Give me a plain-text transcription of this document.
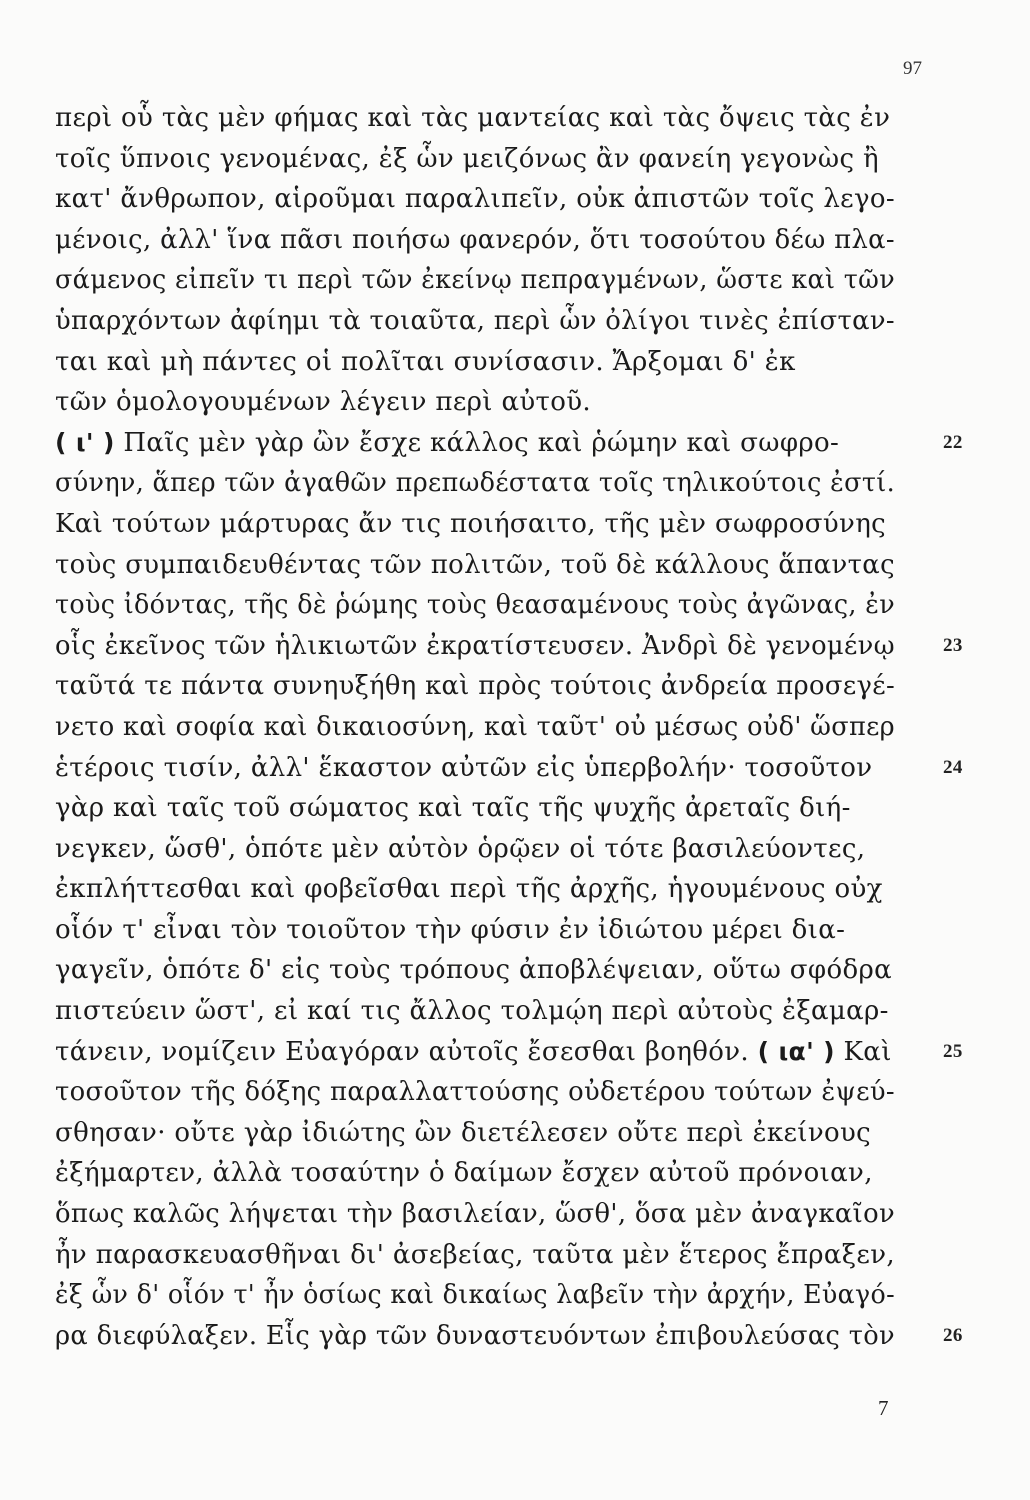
97
περὶ οὗ τὰς μὲν φήμας καὶ τὰς μαντείας καὶ τὰς ὄψεις τὰς ἐν
τοῖς ὕπνοις γενομένας, ἐξ ὧν μειζόνως ἂν φανείη γεγονὼς ἢ
κατ' ἄνθρωπον, αἱροῦμαι παραλιπεῖν, οὐκ ἀπιστῶν τοῖς λεγο-
μένοις, ἀλλ' ἵνα πᾶσι ποιήσω φανερόν, ὅτι τοσούτου δέω πλα-
σάμενος εἰπεῖν τι περὶ τῶν ἐκείνῳ πεπραγμένων, ὥστε καὶ τῶν
ὑπαρχόντων ἀφίημι τὰ τοιαῦτα, περὶ ὧν ὀλίγοι τινὲς ἐπίσταν-
ται καὶ μὴ πάντες οἱ πολῖται συνίσασιν. Ἄρξομαι δ' ἐκ
τῶν ὁμολογουμένων λέγειν περὶ αὐτοῦ.
( ι' ) Παῖς μὲν γὰρ ὢν ἔσχε κάλλος καὶ ῥώμην καὶ σωφρο-	22
σύνην, ἅπερ τῶν ἀγαθῶν πρεπωδέστατα τοῖς τηλικούτοις ἐστί.
Καὶ τούτων μάρτυρας ἄν τις ποιήσαιτο, τῆς μὲν σωφροσύνης
τοὺς συμπαιδευθέντας τῶν πολιτῶν, τοῦ δὲ κάλλους ἅπαντας
τοὺς ἰδόντας, τῆς δὲ ῥώμης τοὺς θεασαμένους τοὺς ἀγῶνας, ἐν
οἷς ἐκεῖνος τῶν ἡλικιωτῶν ἐκρατίστευσεν. Ἀνδρὶ δὲ γενομένῳ	23
ταῦτά τε πάντα συνηυξήθη καὶ πρὸς τούτοις ἀνδρεία προσεγέ-
νετο καὶ σοφία καὶ δικαιοσύνη, καὶ ταῦτ' οὐ μέσως οὐδ' ὥσπερ
ἑτέροις τισίν, ἀλλ' ἕκαστον αὐτῶν εἰς ὑπερβολήν· τοσοῦτον	24
γὰρ καὶ ταῖς τοῦ σώματος καὶ ταῖς τῆς ψυχῆς ἀρεταῖς διή-
νεγκεν, ὥσθ', ὁπότε μὲν αὐτὸν ὁρῷεν οἱ τότε βασιλεύοντες,
ἐκπλήττεσθαι καὶ φοβεῖσθαι περὶ τῆς ἀρχῆς, ἡγουμένους οὐχ
οἷόν τ' εἶναι τὸν τοιοῦτον τὴν φύσιν ἐν ἰδιώτου μέρει δια-
γαγεῖν, ὁπότε δ' εἰς τοὺς τρόπους ἀποβλέψειαν, οὕτω σφόδρα
πιστεύειν ὥστ', εἰ καί τις ἄλλος τολμῴη περὶ αὐτοὺς ἐξαμαρ-
τάνειν, νομίζειν Εὐαγόραν αὐτοῖς ἔσεσθαι βοηθόν. ( ια' ) Καὶ	25
τοσοῦτον τῆς δόξης παραλλαττούσης οὐδετέρου τούτων ἐψεύ-
σθησαν· οὔτε γὰρ ἰδιώτης ὢν διετέλεσεν οὔτε περὶ ἐκείνους
ἐξήμαρτεν, ἀλλὰ τοσαύτην ὁ δαίμων ἔσχεν αὐτοῦ πρόνοιαν,
ὅπως καλῶς λήψεται τὴν βασιλείαν, ὥσθ', ὅσα μὲν ἀναγκαῖον
ἦν παρασκευασθῆναι δι' ἀσεβείας, ταῦτα μὲν ἕτερος ἔπραξεν,
ἐξ ὧν δ' οἷόν τ' ἦν ὁσίως καὶ δικαίως λαβεῖν τὴν ἀρχήν, Εὐαγό-
ρα διεφύλαξεν. Εἷς γὰρ τῶν δυναστευόντων ἐπιβουλεύσας τὸν	26
7
